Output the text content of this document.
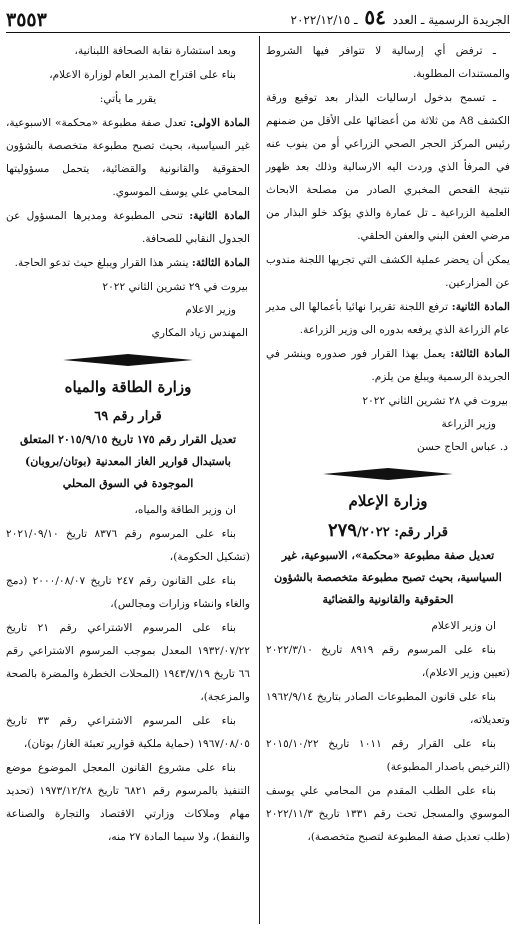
الجريدة الرسمية ـ العدد ٥٤ ـ ٢٠٢٢/١٢/١٥
٣٥٥٣

ـ ترفض أي إرسالية لا تتوافر فيها الشروط والمستندات المطلوبة.

ـ تسمح بدخول ارساليات البذار بعد توقيع ورقة الكشف A8 من ثلاثة من أعضائها على الأقل من ضمنهم رئيس المركز الحجر الصحي الزراعي أو من ينوب عنه في المرفأ الذي وردت اليه الارسالية وذلك بعد ظهور نتيجة الفحص المخبري الصادر من مصلحة الابحاث العلمية الزراعية ـ تل عمارة والذي يؤكد خلو البذار من مرضي العفن البني والعفن الحلقي.

يمكن أن يحضر عملية الكشف التي تجريها اللجنة مندوب عن المزارعين.

المادة الثانية: ترفع اللجنة تقريرا نهائيا بأعمالها الى مدير عام الزراعة الذي يرفعه بدوره الى وزير الزراعة.

المادة الثالثة: يعمل بهذا القرار فور صدوره وينشر في الجريدة الرسمية ويبلغ من يلزم.

بيروت في ٢٨ تشرين الثاني ٢٠٢٢

وزير الزراعة

د. عباس الحاج حسن

وزارة الإعلام
قرار رقم: ٢٧٩/٢٠٢٢
تعديل صفة مطبوعة «محكمة»، الاسبوعية، غير السياسية، بحيث تصبح مطبوعة متخصصة بالشؤون الحقوقية والقانونية والقضائية

ان وزير الاعلام

بناء على المرسوم رقم ٨٩١٩ تاريخ ٢٠٢٢/٣/١٠ (تعيين وزير الاعلام)،

بناء على قانون المطبوعات الصادر بتاريخ ١٩٦٢/٩/١٤ وتعديلاته،

بناء على القرار رقم ١٠١١ تاريخ ٢٠١٥/١٠/٢٢ (الترخيص باصدار المطبوعة)

بناء على الطلب المقدم من المحامي علي يوسف الموسوي والمسجل تحت رقم ١٣٣١ تاريخ ٢٠٢٢/١١/٣ (طلب تعديل صفة المطبوعة لتصبح متخصصة)،

وبعد استشارة نقابة الصحافة اللبنانية،

بناء على اقتراح المدير العام لوزارة الاعلام،

يقرر ما يأتي:

المادة الاولى: تعدل صفة مطبوعة «محكمة» الاسبوعية، غير السياسية، بحيث تصبح مطبوعة متخصصة بالشؤون الحقوقية والقانونية والقضائية، يتحمل مسؤوليتها المحامي علي يوسف الموسوي.

المادة الثانية: تنحى المطبوعة ومديرها المسؤول عن الجدول النقابي للصحافة.

المادة الثالثة: ينشر هذا القرار ويبلغ حيث تدعو الحاجة.

بيروت في ٢٩ تشرين الثاني ٢٠٢٢

وزير الاعلام

المهندس زياد المكاري

وزارة الطاقة والمياه
قرار رقم ٦٩
تعديل القرار رقم ١٧٥ تاريخ ٢٠١٥/٩/١٥ المتعلق باستبدال قوارير الغاز المعدنية (بوتان/بروبان) الموجودة في السوق المحلي

ان وزير الطاقة والمياه،

بناء على المرسوم رقم ٨٣٧٦ تاريخ ٢٠٢١/٠٩/١٠ (تشكيل الحكومة)،

بناء على القانون رقم ٢٤٧ تاريخ ٢٠٠٠/٠٨/٠٧ (دمج والغاء وانشاء وزارات ومجالس)،

بناء على المرسوم الاشتراعي رقم ٢١ تاريخ ١٩٣٢/٠٧/٢٢ المعدل بموجب المرسوم الاشتراعي رقم ٦٦ تاريخ ١٩٤٣/٧/١٩ (المحلات الخطرة والمضرة بالصحة والمزعجة)،

بناء على المرسوم الاشتراعي رقم ٣٣ تاريخ ١٩٦٧/٠٨/٠٥ (حماية ملكية قوارير تعبئة الغاز/ بوتان)،

بناء على مشروع القانون المعجل الموضوع موضع التنفيذ بالمرسوم رقم ٦٨٢١ تاريخ ١٩٧٣/١٢/٢٨ (تحديد مهام وملاكات وزارتي الاقتصاد والتجارة والصناعة والنفط)، ولا سيما المادة ٢٧ منه،
